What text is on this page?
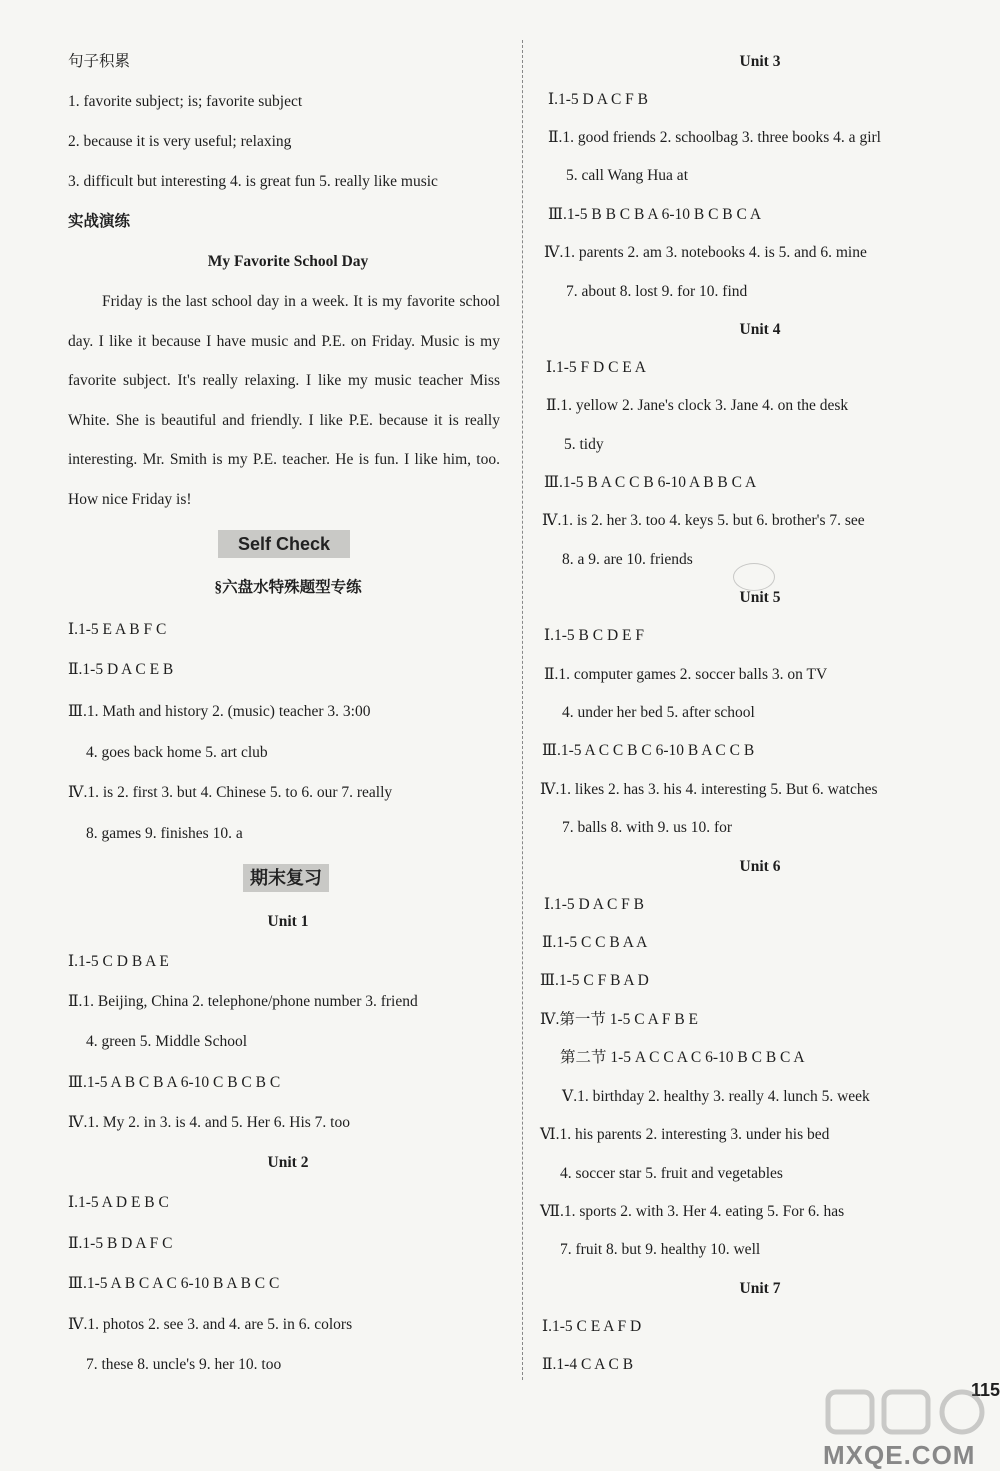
句子积累
1. favorite subject; is; favorite subject
2. because it is very useful; relaxing
3. difficult but interesting 4. is great fun 5. really like music
实战演练
My Favorite School Day
Friday is the last school day in a week. It is my favorite school day. I like it because I have music and P.E. on Friday. Music is my favorite subject. It's really relaxing. I like my music teacher Miss White. She is beautiful and friendly. I like P.E. because it is really interesting. Mr. Smith is my P.E. teacher. He is fun. I like him, too. How nice Friday is!
Self Check
§六盘水特殊题型专练
Ⅰ.1-5 E A B F C
Ⅱ.1-5 D A C E B
Ⅲ.1. Math and history 2. (music) teacher 3. 3:00
4. goes back home 5. art club
Ⅳ.1. is 2. first 3. but 4. Chinese 5. to 6. our 7. really
8. games 9. finishes 10. a
期末复习
Unit 1
Ⅰ.1-5 C D B A E
Ⅱ.1. Beijing, China 2. telephone/phone number 3. friend
4. green 5. Middle School
Ⅲ.1-5 A B C B A 6-10 C B C B C
Ⅳ.1. My 2. in 3. is 4. and 5. Her 6. His 7. too
Unit 2
Ⅰ.1-5 A D E B C
Ⅱ.1-5 B D A F C
Ⅲ.1-5 A B C A C 6-10 B A B C C
Ⅳ.1. photos 2. see 3. and 4. are 5. in 6. colors
7. these 8. uncle's 9. her 10. too
Unit 3
Ⅰ.1-5 D A C F B
Ⅱ.1. good friends 2. schoolbag 3. three books 4. a girl
5. call Wang Hua at
Ⅲ.1-5 B B C B A 6-10 B C B C A
Ⅳ.1. parents 2. am 3. notebooks 4. is 5. and 6. mine
7. about 8. lost 9. for 10. find
Unit 4
Ⅰ.1-5 F D C E A
Ⅱ.1. yellow 2. Jane's clock 3. Jane 4. on the desk
5. tidy
Ⅲ.1-5 B A C C B 6-10 A B B C A
Ⅳ.1. is 2. her 3. too 4. keys 5. but 6. brother's 7. see
8. a 9. are 10. friends
Unit 5
Ⅰ.1-5 B C D E F
Ⅱ.1. computer games 2. soccer balls 3. on TV
4. under her bed 5. after school
Ⅲ.1-5 A C C B C 6-10 B A C C B
Ⅳ.1. likes 2. has 3. his 4. interesting 5. But 6. watches
7. balls 8. with 9. us 10. for
Unit 6
Ⅰ.1-5 D A C F B
Ⅱ.1-5 C C B A A
Ⅲ.1-5 C F B A D
Ⅳ.第一节 1-5 C A F B E
第二节 1-5 A C C A C 6-10 B C B C A
Ⅴ.1. birthday 2. healthy 3. really 4. lunch 5. week
Ⅵ.1. his parents 2. interesting 3. under his bed
4. soccer star 5. fruit and vegetables
Ⅶ.1. sports 2. with 3. Her 4. eating 5. For 6. has
7. fruit 8. but 9. healthy 10. well
Unit 7
Ⅰ.1-5 C E A F D
Ⅱ.1-4 C A C B
115
MXQE.COM
